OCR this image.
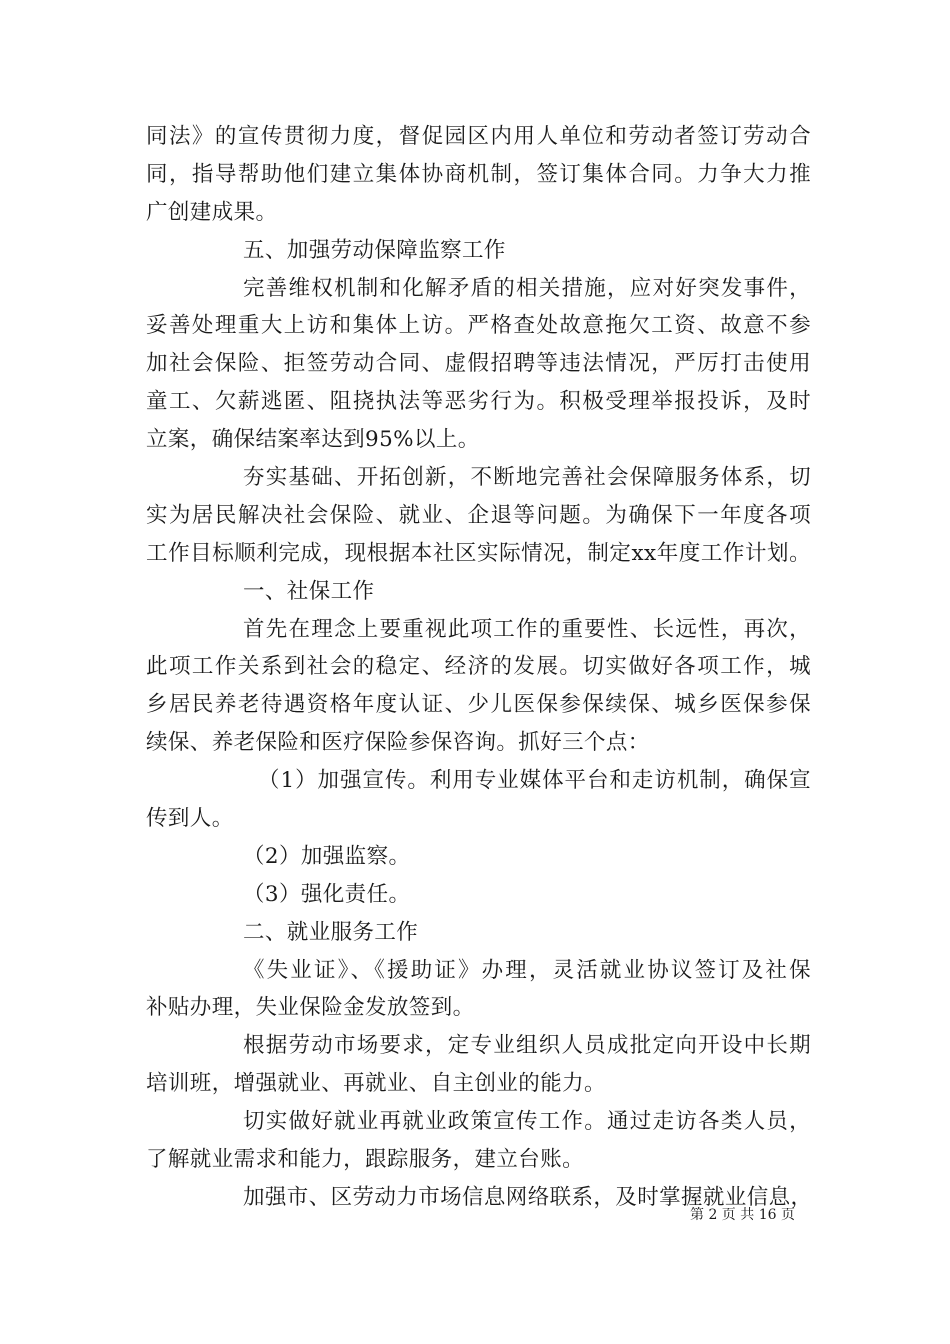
同法》的宣传贯彻力度，督促园区内用人单位和劳动者签订劳动合
同，指导帮助他们建立集体协商机制，签订集体合同。力争大力推
广创建成果。
五、加强劳动保障监察工作
完善维权机制和化解矛盾的相关措施，应对好突发事件，
妥善处理重大上访和集体上访。严格查处故意拖欠工资、故意不参
加社会保险、拒签劳动合同、虚假招聘等违法情况，严厉打击使用
童工、欠薪逃匿、阻挠执法等恶劣行为。积极受理举报投诉，及时
立案，确保结案率达到95%以上。
夯实基础、开拓创新，不断地完善社会保障服务体系，切
实为居民解决社会保险、就业、企退等问题。为确保下一年度各项
工作目标顺利完成，现根据本社区实际情况，制定xx年度工作计划。
一、社保工作
首先在理念上要重视此项工作的重要性、长远性，再次，
此项工作关系到社会的稳定、经济的发展。切实做好各项工作，城
乡居民养老待遇资格年度认证、少儿医保参保续保、城乡医保参保
续保、养老保险和医疗保险参保咨询。抓好三个点：
（1）加强宣传。利用专业媒体平台和走访机制，确保宣
传到人。
（2）加强监察。
（3）强化责任。
二、就业服务工作
《失业证》、《援助证》办理，灵活就业协议签订及社保
补贴办理，失业保险金发放签到。
根据劳动市场要求，定专业组织人员成批定向开设中长期
培训班，增强就业、再就业、自主创业的能力。
切实做好就业再就业政策宣传工作。通过走访各类人员，
了解就业需求和能力，跟踪服务，建立台账。
加强市、区劳动力市场信息网络联系，及时掌握就业信息，
第 2 页 共 16 页
